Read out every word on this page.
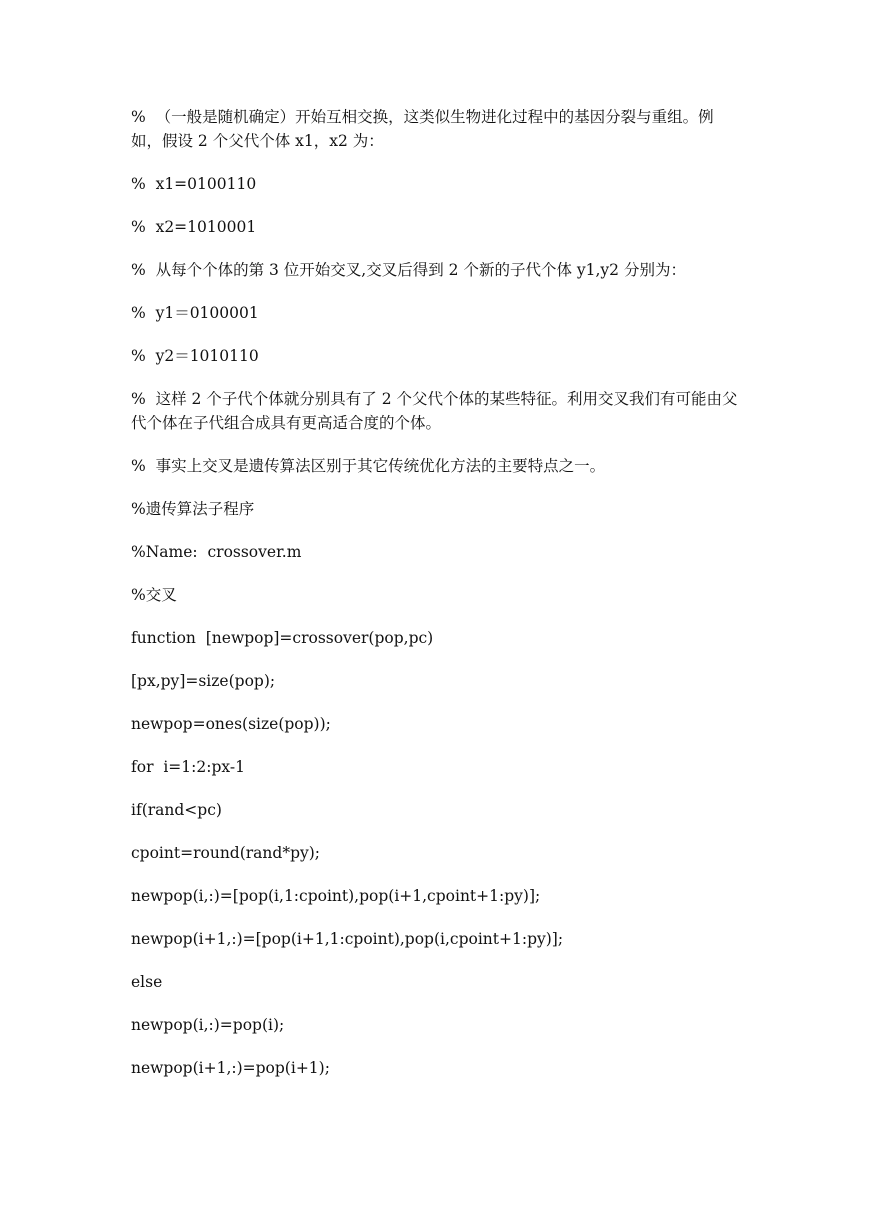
%  （一般是随机确定）开始互相交换，这类似生物进化过程中的基因分裂与重组。例如，假设 2 个父代个体 x1，x2 为：

%  x1=0100110

%  x2=1010001

%  从每个个体的第 3 位开始交叉,交叉后得到 2 个新的子代个体 y1,y2 分别为：

%  y1＝0100001

%  y2＝1010110

%  这样 2 个子代个体就分别具有了 2 个父代个体的某些特征。利用交叉我们有可能由父代个体在子代组合成具有更高适合度的个体。

%  事实上交叉是遗传算法区别于其它传统优化方法的主要特点之一。

%遗传算法子程序

%Name:  crossover.m

%交叉

function  [newpop]=crossover(pop,pc)

[px,py]=size(pop);

newpop=ones(size(pop));

for  i=1:2:px-1

if(rand<pc)

cpoint=round(rand*py);

newpop(i,:)=[pop(i,1:cpoint),pop(i+1,cpoint+1:py)];

newpop(i+1,:)=[pop(i+1,1:cpoint),pop(i,cpoint+1:py)];

else

newpop(i,:)=pop(i);

newpop(i+1,:)=pop(i+1);
